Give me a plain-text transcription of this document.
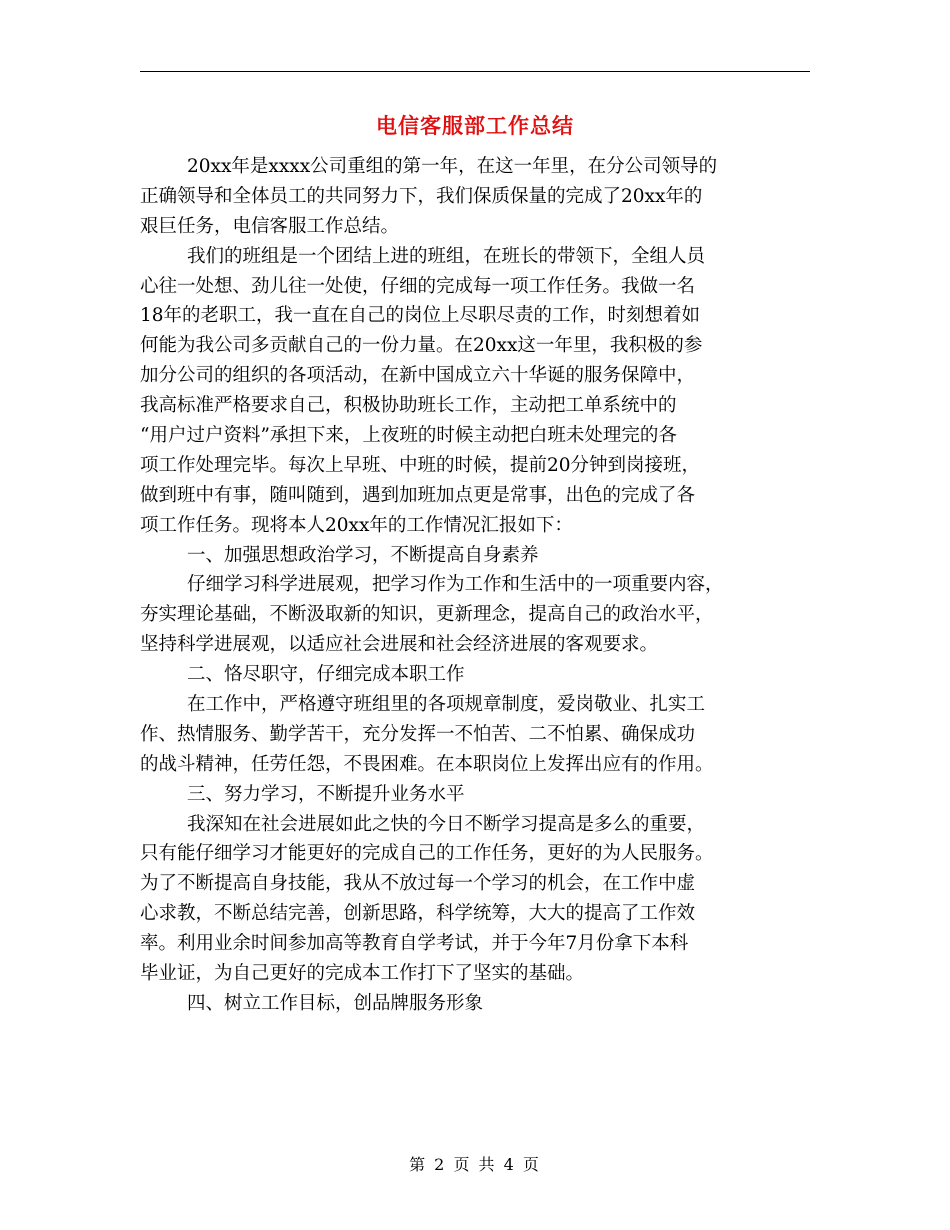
电信客服部工作总结
20xx年是xxxx公司重组的第一年，在这一年里，在分公司领导的
正确领导和全体员工的共同努力下，我们保质保量的完成了20xx年的
艰巨任务，电信客服工作总结。
我们的班组是一个团结上进的班组，在班长的带领下，全组人员
心往一处想、劲儿往一处使，仔细的完成每一项工作任务。我做一名
18年的老职工，我一直在自己的岗位上尽职尽责的工作，时刻想着如
何能为我公司多贡献自己的一份力量。在20xx这一年里，我积极的参
加分公司的组织的各项活动，在新中国成立六十华诞的服务保障中，
我高标准严格要求自己，积极协助班长工作，主动把工单系统中的
“用户过户资料”承担下来，上夜班的时候主动把白班未处理完的各
项工作处理完毕。每次上早班、中班的时候，提前20分钟到岗接班，
做到班中有事，随叫随到，遇到加班加点更是常事，出色的完成了各
项工作任务。现将本人20xx年的工作情况汇报如下：
一、加强思想政治学习，不断提高自身素养
仔细学习科学进展观，把学习作为工作和生活中的一项重要内容，
夯实理论基础，不断汲取新的知识，更新理念，提高自己的政治水平，
坚持科学进展观，以适应社会进展和社会经济进展的客观要求。
二、恪尽职守，仔细完成本职工作
在工作中，严格遵守班组里的各项规章制度，爱岗敬业、扎实工
作、热情服务、勤学苦干，充分发挥一不怕苦、二不怕累、确保成功
的战斗精神，任劳任怨，不畏困难。在本职岗位上发挥出应有的作用。
三、努力学习，不断提升业务水平
我深知在社会进展如此之快的今日不断学习提高是多么的重要，
只有能仔细学习才能更好的完成自己的工作任务，更好的为人民服务。
为了不断提高自身技能，我从不放过每一个学习的机会，在工作中虚
心求教，不断总结完善，创新思路，科学统筹，大大的提高了工作效
率。利用业余时间参加高等教育自学考试，并于今年7月份拿下本科
毕业证，为自己更好的完成本工作打下了坚实的基础。
四、树立工作目标，创品牌服务形象
第 2 页 共 4 页
